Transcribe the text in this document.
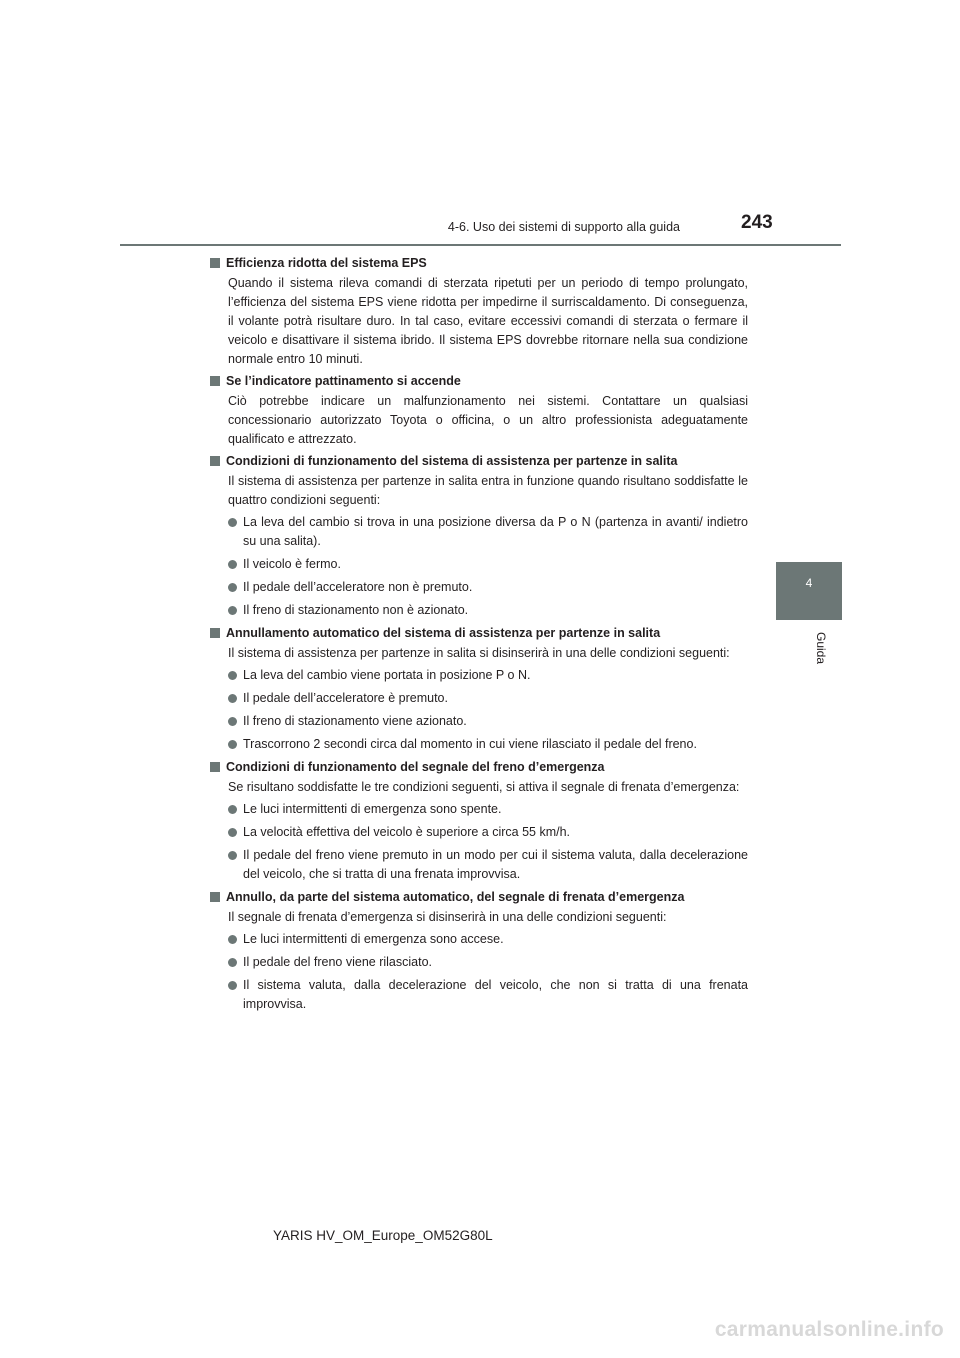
4-6. Uso dei sistemi di supporto alla guida	243
4
Guida
Efficienza ridotta del sistema EPS
Quando il sistema rileva comandi di sterzata ripetuti per un periodo di tempo prolungato, l’efficienza del sistema EPS viene ridotta per impedirne il surriscaldamento. Di conseguenza, il volante potrà risultare duro. In tal caso, evitare eccessivi comandi di sterzata o fermare il veicolo e disattivare il sistema ibrido. Il sistema EPS dovrebbe ritornare nella sua condizione normale entro 10 minuti.
Se l’indicatore pattinamento si accende
Ciò potrebbe indicare un malfunzionamento nei sistemi. Contattare un qualsiasi concessionario autorizzato Toyota o officina, o un altro professionista adeguatamente qualificato e attrezzato.
Condizioni di funzionamento del sistema di assistenza per partenze in salita
Il sistema di assistenza per partenze in salita entra in funzione quando risultano soddisfatte le quattro condizioni seguenti:
La leva del cambio si trova in una posizione diversa da P o N (partenza in avanti/ indietro su una salita).
Il veicolo è fermo.
Il pedale dell’acceleratore non è premuto.
Il freno di stazionamento non è azionato.
Annullamento automatico del sistema di assistenza per partenze in salita
Il sistema di assistenza per partenze in salita si disinserirà in una delle condizioni seguenti:
La leva del cambio viene portata in posizione P o N.
Il pedale dell’acceleratore è premuto.
Il freno di stazionamento viene azionato.
Trascorrono 2 secondi circa dal momento in cui viene rilasciato il pedale del freno.
Condizioni di funzionamento del segnale del freno d’emergenza
Se risultano soddisfatte le tre condizioni seguenti, si attiva il segnale di frenata d’emergenza:
Le luci intermittenti di emergenza sono spente.
La velocità effettiva del veicolo è superiore a circa 55 km/h.
Il pedale del freno viene premuto in un modo per cui il sistema valuta, dalla decelerazione del veicolo, che si tratta di una frenata improvvisa.
Annullo, da parte del sistema automatico, del segnale di frenata d’emergenza
Il segnale di frenata d’emergenza si disinserirà in una delle condizioni seguenti:
Le luci intermittenti di emergenza sono accese.
Il pedale del freno viene rilasciato.
Il sistema valuta, dalla decelerazione del veicolo, che non si tratta di una frenata improvvisa.
YARIS HV_OM_Europe_OM52G80L
carmanualsonline.info
